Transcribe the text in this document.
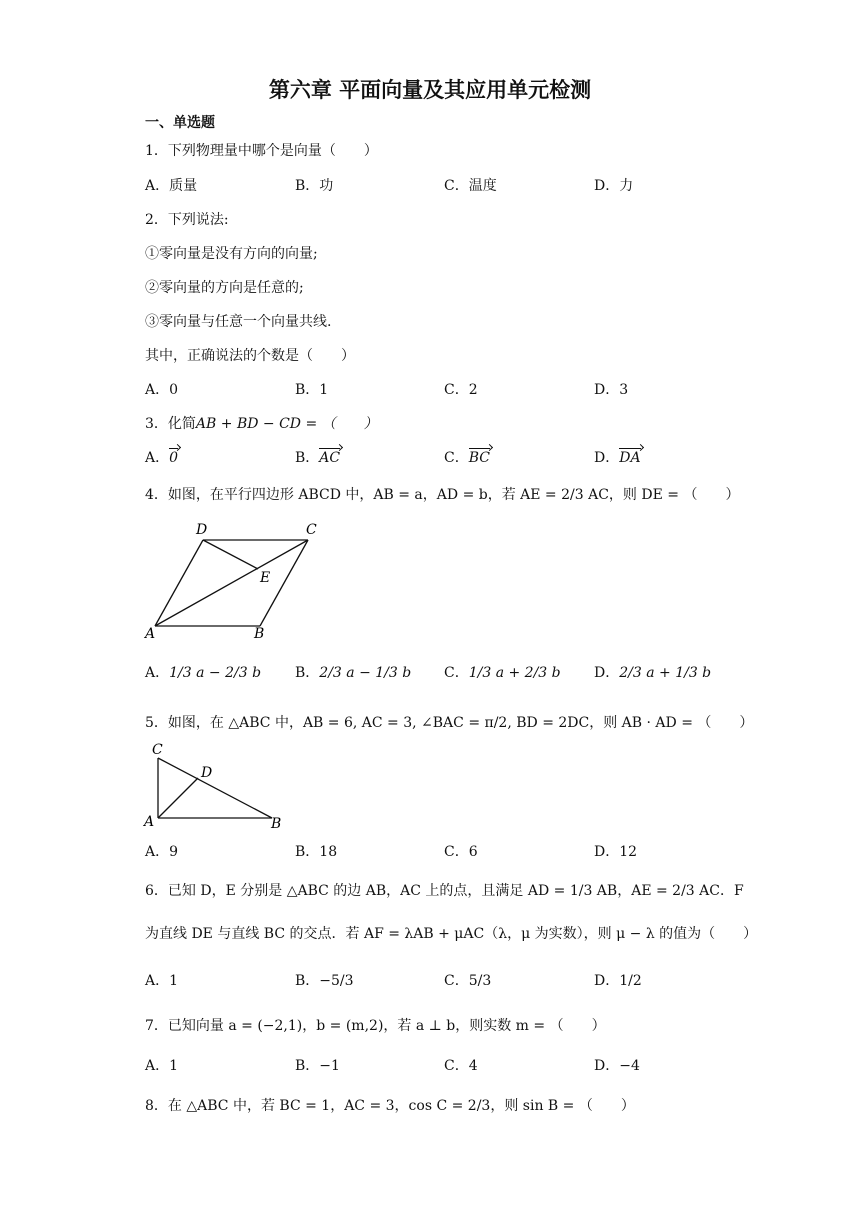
第六章 平面向量及其应用单元检测
一、单选题
1．下列物理量中哪个是向量（　　）
A．质量	B．功	C．温度	D．力
2．下列说法:
①零向量是没有方向的向量;
②零向量的方向是任意的;
③零向量与任意一个向量共线.
其中，正确说法的个数是（　　）
A．0	B．1	C．2	D．3
3．化简AB + BD − CD = （　　）
A．0	B．AC	C．BC	D．DA
4．如图，在平行四边形 ABCD 中，AB = a，AD = b，若 AE = 2/3 AC，则 DE = （　　）
A	B
C
D
E
A．1/3 a − 2/3 b B．2/3 a − 1/3 b C．1/3 a + 2/3 b D．2/3 a + 1/3 b
5．如图，在 △ABC 中，AB = 6, AC = 3, ∠BAC = π/2, BD = 2DC，则 AB · AD = （　　）
A	B
C
D
A．9	B．18	C．6	D．12
6．已知 D，E 分别是 △ABC 的边 AB，AC 上的点，且满足 AD = 1/3 AB，AE = 2/3 AC．F
为直线 DE 与直线 BC 的交点．若 AF = λAB + μAC（λ，μ 为实数），则 μ − λ 的值为（　　）
A．1	B．−5/3	C．5/3	D．1/2
7．已知向量 a = (−2,1)，b = (m,2)，若 a ⊥ b，则实数 m = （　　）
A．1	B．−1	C．4	D．−4
8．在 △ABC 中，若 BC = 1，AC = 3，cos C = 2/3，则 sin B = （　　）
